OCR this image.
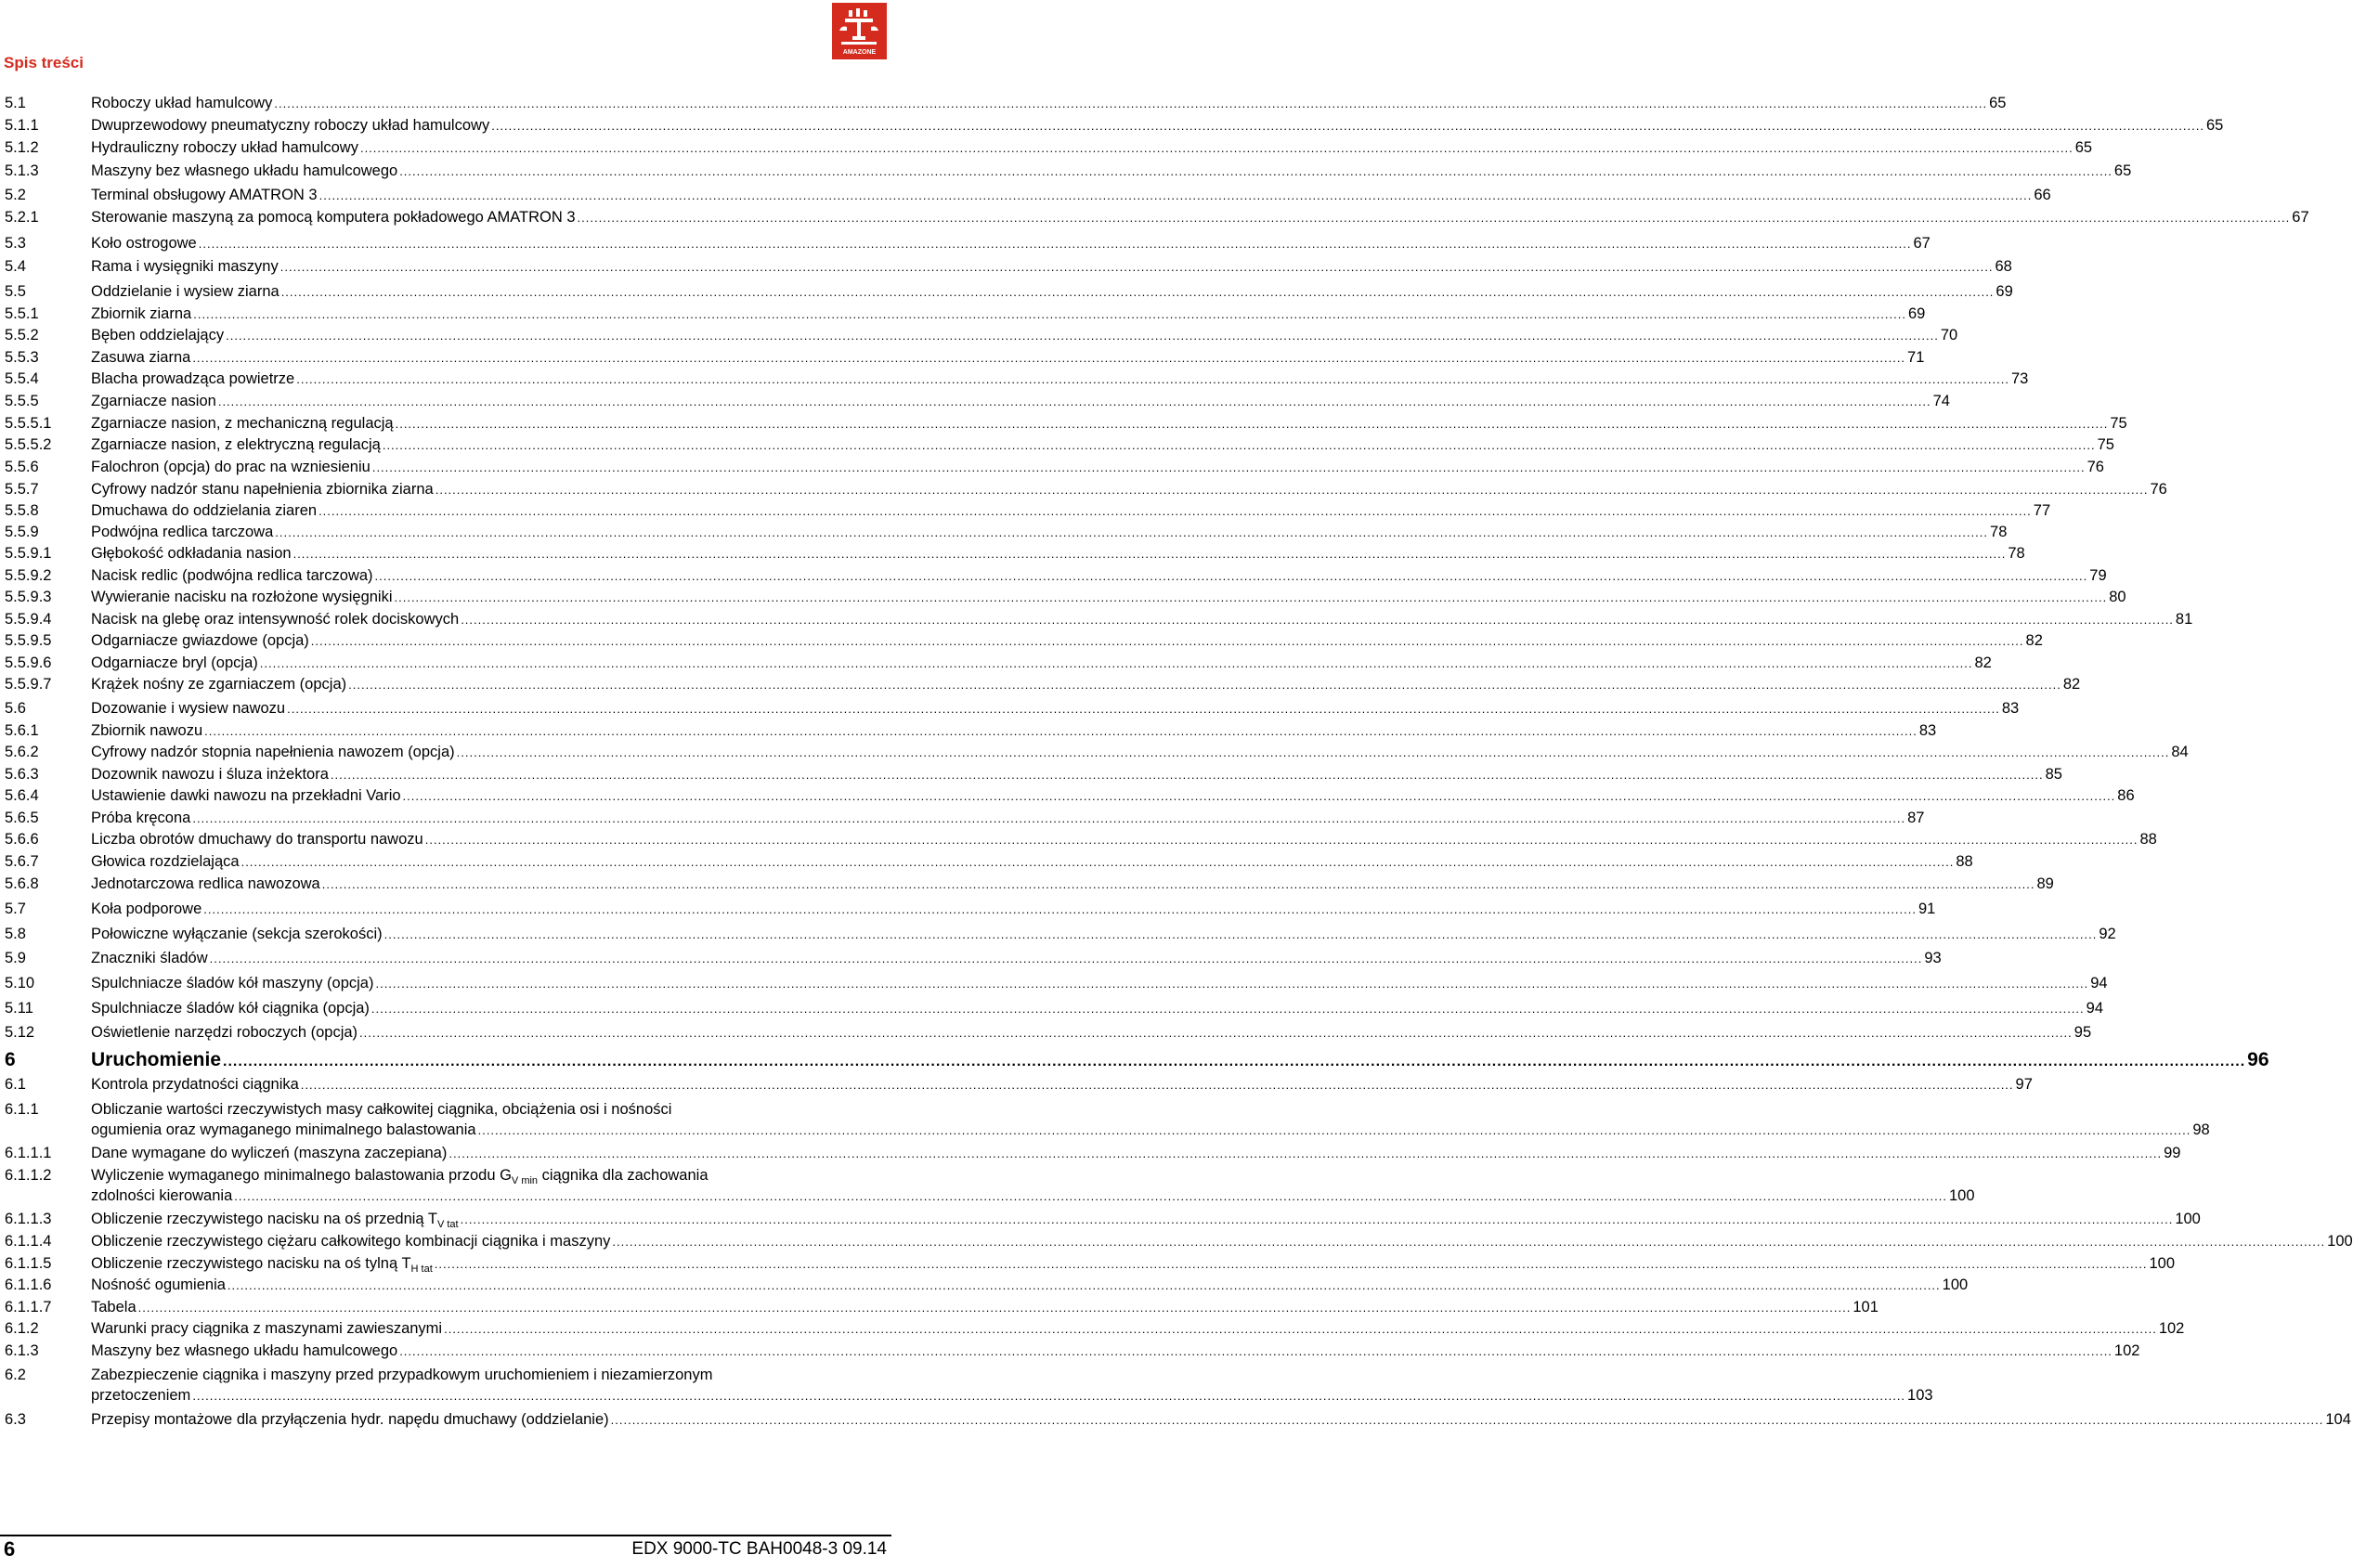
Spis treści
AMAZONE
5.1	Roboczy układ hamulcowy ................................................................................................................................................................................................................................................................................................................................................................................................................ 65
5.1.1	Dwuprzewodowy pneumatyczny roboczy układ hamulcowy ................................................................................................................................................................................................................................................................................................................................................................................................................ 65
5.1.2	Hydrauliczny roboczy układ hamulcowy ................................................................................................................................................................................................................................................................................................................................................................................................................ 65
5.1.3	Maszyny bez własnego układu hamulcowego ................................................................................................................................................................................................................................................................................................................................................................................................................ 65
5.2	Terminal obsługowy AMATRON 3 ................................................................................................................................................................................................................................................................................................................................................................................................................ 66
5.2.1	Sterowanie maszyną za pomocą komputera pokładowego AMATRON 3 ................................................................................................................................................................................................................................................................................................................................................................................................................ 67
5.3	Koło ostrogowe ................................................................................................................................................................................................................................................................................................................................................................................................................ 67
5.4	Rama i wysięgniki maszyny ................................................................................................................................................................................................................................................................................................................................................................................................................ 68
5.5	Oddzielanie i wysiew ziarna ................................................................................................................................................................................................................................................................................................................................................................................................................ 69
5.5.1	Zbiornik ziarna ................................................................................................................................................................................................................................................................................................................................................................................................................ 69
5.5.2	Bęben oddzielający ................................................................................................................................................................................................................................................................................................................................................................................................................ 70
5.5.3	Zasuwa ziarna ................................................................................................................................................................................................................................................................................................................................................................................................................ 71
5.5.4	Blacha prowadząca powietrze ................................................................................................................................................................................................................................................................................................................................................................................................................ 73
5.5.5	Zgarniacze nasion ................................................................................................................................................................................................................................................................................................................................................................................................................ 74
5.5.5.1	Zgarniacze nasion, z mechaniczną regulacją ................................................................................................................................................................................................................................................................................................................................................................................................................ 75
5.5.5.2	Zgarniacze nasion, z elektryczną regulacją ................................................................................................................................................................................................................................................................................................................................................................................................................ 75
5.5.6	Falochron (opcja) do prac na wzniesieniu ................................................................................................................................................................................................................................................................................................................................................................................................................ 76
5.5.7	Cyfrowy nadzór stanu napełnienia zbiornika ziarna ................................................................................................................................................................................................................................................................................................................................................................................................................ 76
5.5.8	Dmuchawa do oddzielania ziaren ................................................................................................................................................................................................................................................................................................................................................................................................................ 77
5.5.9	Podwójna redlica tarczowa ................................................................................................................................................................................................................................................................................................................................................................................................................ 78
5.5.9.1	Głębokość odkładania nasion ................................................................................................................................................................................................................................................................................................................................................................................................................ 78
5.5.9.2	Nacisk redlic (podwójna redlica tarczowa) ................................................................................................................................................................................................................................................................................................................................................................................................................ 79
5.5.9.3	Wywieranie nacisku na rozłożone wysięgniki ................................................................................................................................................................................................................................................................................................................................................................................................................ 80
5.5.9.4	Nacisk na glebę oraz intensywność rolek dociskowych ................................................................................................................................................................................................................................................................................................................................................................................................................ 81
5.5.9.5	Odgarniacze gwiazdowe (opcja) ................................................................................................................................................................................................................................................................................................................................................................................................................ 82
5.5.9.6	Odgarniacze bryl (opcja) ................................................................................................................................................................................................................................................................................................................................................................................................................ 82
5.5.9.7	Krążek nośny ze zgarniaczem (opcja) ................................................................................................................................................................................................................................................................................................................................................................................................................ 82
5.6	Dozowanie i wysiew nawozu ................................................................................................................................................................................................................................................................................................................................................................................................................ 83
5.6.1	Zbiornik nawozu ................................................................................................................................................................................................................................................................................................................................................................................................................ 83
5.6.2	Cyfrowy nadzór stopnia napełnienia nawozem (opcja) ................................................................................................................................................................................................................................................................................................................................................................................................................ 84
5.6.3	Dozownik nawozu i śluza inżektora ................................................................................................................................................................................................................................................................................................................................................................................................................ 85
5.6.4	Ustawienie dawki nawozu na przekładni Vario ................................................................................................................................................................................................................................................................................................................................................................................................................ 86
5.6.5	Próba kręcona ................................................................................................................................................................................................................................................................................................................................................................................................................ 87
5.6.6	Liczba obrotów dmuchawy do transportu nawozu ................................................................................................................................................................................................................................................................................................................................................................................................................ 88
5.6.7	Głowica rozdzielająca ................................................................................................................................................................................................................................................................................................................................................................................................................ 88
5.6.8	Jednotarczowa redlica nawozowa ................................................................................................................................................................................................................................................................................................................................................................................................................ 89
5.7	Koła podporowe ................................................................................................................................................................................................................................................................................................................................................................................................................ 91
5.8	Połowiczne wyłączanie (sekcja szerokości) ................................................................................................................................................................................................................................................................................................................................................................................................................ 92
5.9	Znaczniki śladów ................................................................................................................................................................................................................................................................................................................................................................................................................ 93
5.10	Spulchniacze śladów kół maszyny (opcja) ................................................................................................................................................................................................................................................................................................................................................................................................................ 94
5.11	Spulchniacze śladów kół ciągnika (opcja) ................................................................................................................................................................................................................................................................................................................................................................................................................ 94
5.12	Oświetlenie narzędzi roboczych (opcja) ................................................................................................................................................................................................................................................................................................................................................................................................................ 95
6	Uruchomienie ................................................................................................................................................................................................................................................................................................................................................................................................................ 96
6.1	Kontrola przydatności ciągnika ................................................................................................................................................................................................................................................................................................................................................................................................................ 97
6.1.1	Obliczanie wartości rzeczywistych masy całkowitej ciągnika, obciążenia osi i nośności
ogumienia oraz wymaganego minimalnego balastowania ................................................................................................................................................................................................................................................................................................................................................................................................................ 98
6.1.1.1	Dane wymagane do wyliczeń (maszyna zaczepiana) ................................................................................................................................................................................................................................................................................................................................................................................................................ 99
6.1.1.2	Wyliczenie wymaganego minimalnego balastowania przodu $G_{V min}$ ciągnika dla zachowania
zdolności kierowania ................................................................................................................................................................................................................................................................................................................................................................................................................ 100
6.1.1.3	Obliczenie rzeczywistego nacisku na oś przednią $T_{V tat}$ ................................................................................................................................................................................................................................................................................................................................................................................................................ 100
6.1.1.4	Obliczenie rzeczywistego ciężaru całkowitego kombinacji ciągnika i maszyny ................................................................................................................................................................................................................................................................................................................................................................................................................ 100
6.1.1.5	Obliczenie rzeczywistego nacisku na oś tylną $T_{H tat}$ ................................................................................................................................................................................................................................................................................................................................................................................................................ 100
6.1.1.6	Nośność ogumienia ................................................................................................................................................................................................................................................................................................................................................................................................................ 100
6.1.1.7	Tabela ................................................................................................................................................................................................................................................................................................................................................................................................................ 101
6.1.2	Warunki pracy ciągnika z maszynami zawieszanymi ................................................................................................................................................................................................................................................................................................................................................................................................................ 102
6.1.3	Maszyny bez własnego układu hamulcowego ................................................................................................................................................................................................................................................................................................................................................................................................................ 102
6.2	Zabezpieczenie ciągnika i maszyny przed przypadkowym uruchomieniem i niezamierzonym
przetoczeniem ................................................................................................................................................................................................................................................................................................................................................................................................................ 103
6.3	Przepisy montażowe dla przyłączenia hydr. napędu dmuchawy (oddzielanie) ................................................................................................................................................................................................................................................................................................................................................................................................................ 104
6	EDX 9000-TC BAH0048-3 09.14
